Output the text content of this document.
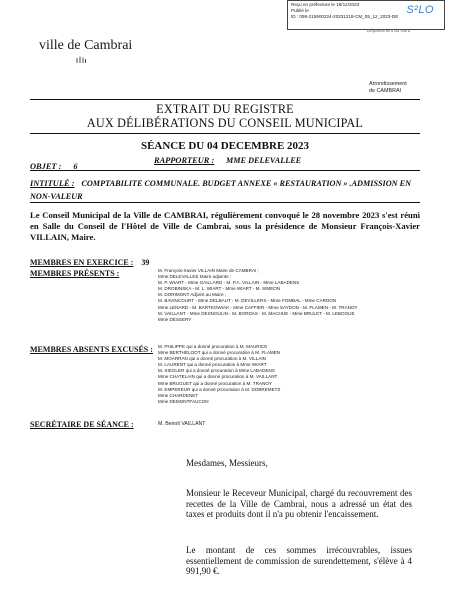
Reçu en préfecture le 18/12/2023
Publié le
ID : 059-215900224-20231218-CM_05_12_2023-DE
S²LO
Département du Nord
ville de Cambrai
Arrondissement
de CAMBRAI
EXTRAIT DU REGISTRE
AUX DÉLIBÉRATIONS DU CONSEIL MUNICIPAL
SÉANCE DU 04 DECEMBRE 2023
OBJET : 6
RAPPORTEUR : MME DELEVALLEE
INTITULÉ : COMPTABILITE COMMUNALE. BUDGET ANNEXE « RESTAURATION » .ADMISSION EN NON-VALEUR
Le Conseil Municipal de la Ville de CAMBRAI, régulièrement convoqué le 28 novembre 2023 s'est réuni en Salle du Conseil de l'Hôtel de Ville de Cambrai, sous la présidence de Monsieur François-Xavier VILLAIN, Maire.
MEMBRES EN EXERCICE : 39
MEMBRES PRÉSENTS :	M. François-Xavier VILLAIN Maire de CAMBRAI ;
Mme DELEVALLEE Maire adjointe ;
M. P. WIART - Mme GAILLARD - M. P.A. VILLAIN - Mme LABADENS
M. DROBINSKA - M. L. WIART - Mme WIART - M. SIMEON
M. DORIMONT Adjoint au Maire ;
M. BAVINCOURT - Mme DELBAUT - M. DEVILLERS - Mme FOMBAL - Mme CARDON
Mme LENARD - M. BARTKOWIAK - Mme CAFFIER - Mme SAYDON - M. FLAMEN - M. TRANOY
M. VAILLANT - Mme DESNOULIN - M. BORDAS - M. MACHUE - Mme BRULET - M. LEBOGUE
Mme DESSERY
MEMBRES ABSENTS EXCUSÉS : M. PHILIPPE qui a donné procuration à M. MAURICE
Mme BERTHELOOT qui a donné procuration à M. FLAMEN
M. MOARRAN qui a donné procuration à M. VILLAIN
M. LAURENT qui a donné procuration à Mme WIART
M. SIEGLER qui a donné procuration à Mme LABADENS
Mme CHATELAIN qui a donné procuration à M. VAILLANT
Mme BRUGUET qui a donné procuration à M. TRANOY
M. EMPEREUR qui a donné procuration à M. DOBREMETZ
Mme CHARDENET
Mme DEMONTFAUCON
SECRÉTAIRE DE SÉANCE :	M. Benoit VAILLANT
Mesdames, Messieurs,
Monsieur le Receveur Municipal, chargé du recouvrement des recettes de la Ville de Cambrai, nous a adressé un état des taxes et produits dont il n'a pu obtenir l'encaissement.
Le montant de ces sommes irrécouvrables, issues essentiellement de commission de surendettement, s'élève à 4 991,90 €.
